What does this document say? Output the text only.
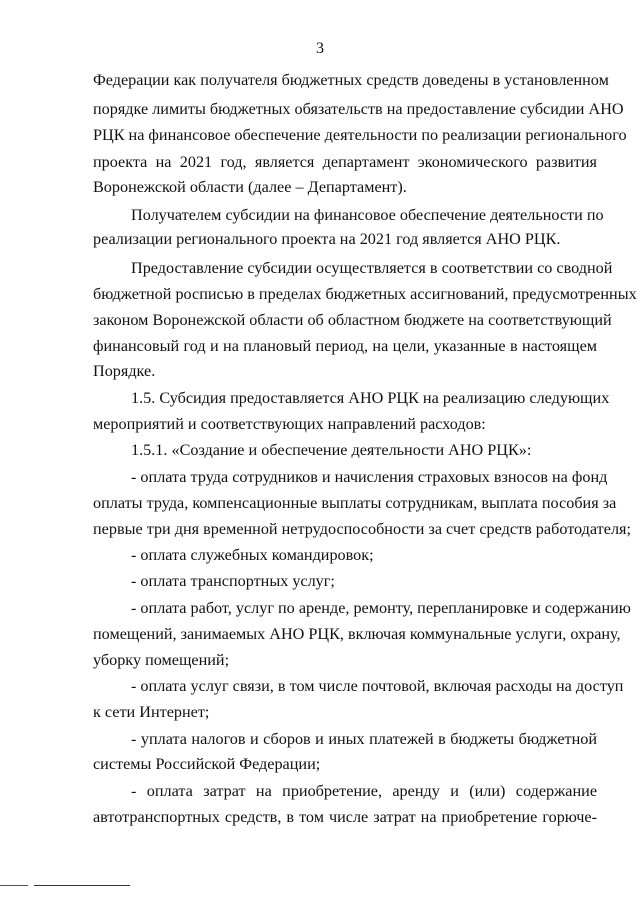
3
Федерации как получателя бюджетных средств доведены в установленном
порядке лимиты бюджетных обязательств на предоставление субсидии АНО
РЦК на финансовое обеспечение деятельности по реализации регионального
проекта на 2021 год, является департамент экономического развития
Воронежской области (далее – Департамент).
Получателем субсидии на финансовое обеспечение деятельности по
реализации регионального проекта на 2021 год является АНО РЦК.
Предоставление субсидии осуществляется в соответствии со сводной
бюджетной росписью в пределах бюджетных ассигнований, предусмотренных
законом Воронежской области об областном бюджете на соответствующий
финансовый год и на плановый период, на цели, указанные в настоящем
Порядке.
1.5. Субсидия предоставляется АНО РЦК на реализацию следующих
мероприятий и соответствующих направлений расходов:
1.5.1. «Создание и обеспечение деятельности АНО РЦК»:
- оплата труда сотрудников и начисления страховых взносов на фонд
оплаты труда, компенсационные выплаты сотрудникам, выплата пособия за
первые три дня временной нетрудоспособности за счет средств работодателя;
- оплата служебных командировок;
- оплата транспортных услуг;
- оплата работ, услуг по аренде, ремонту, перепланировке и содержанию
помещений, занимаемых АНО РЦК, включая коммунальные услуги, охрану,
уборку помещений;
- оплата услуг связи, в том числе почтовой, включая расходы на доступ
к сети Интернет;
- уплата налогов и сборов и иных платежей в бюджеты бюджетной
системы Российской Федерации;
- оплата затрат на приобретение, аренду и (или) содержание
автотранспортных средств, в том числе затрат на приобретение горюче-
